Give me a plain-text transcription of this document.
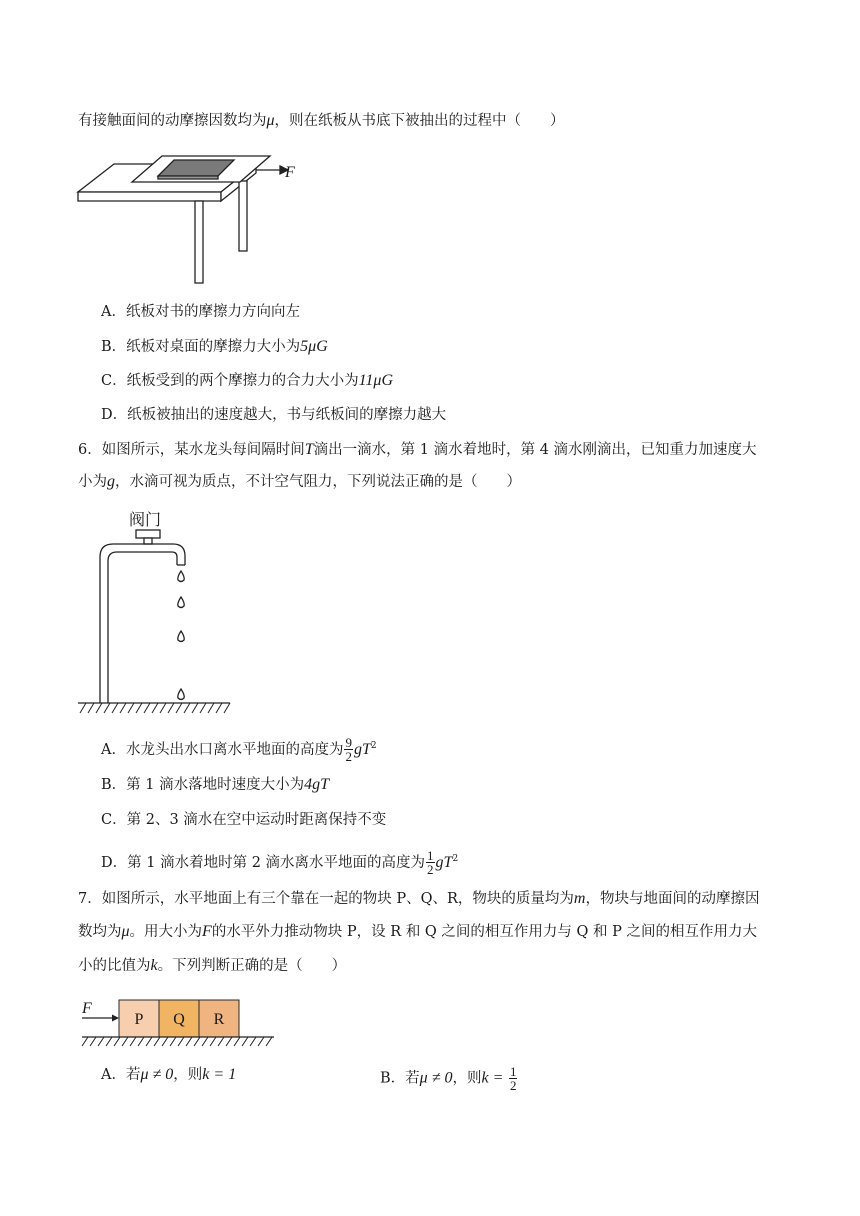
有接触面间的动摩擦因数均为μ，则在纸板从书底下被抽出的过程中（　　）
F
A．纸板对书的摩擦力方向向左
B．纸板对桌面的摩擦力大小为5μG
C．纸板受到的两个摩擦力的合力大小为11μG
D．纸板被抽出的速度越大，书与纸板间的摩擦力越大
6．如图所示，某水龙头每间隔时间T滴出一滴水，第 1 滴水着地时，第 4 滴水刚滴出，已知重力加速度大
小为g，水滴可视为质点，不计空气阻力，下列说法正确的是（　　）
阀门
A．水龙头出水口离水平地面的高度为 $\frac{9}{2} gT^2$
B．第 1 滴水落地时速度大小为4gT
C．第 2、3 滴水在空中运动时距离保持不变
D．第 1 滴水着地时第 2 滴水离水平地面的高度为 $\frac{1}{2} gT^2$
7．如图所示，水平地面上有三个靠在一起的物块 P、Q、R，物块的质量均为m，物块与地面间的动摩擦因
数均为μ。用大小为F的水平外力推动物块 P，设 R 和 Q 之间的相互作用力与 Q 和 P 之间的相互作用力大
小的比值为k。下列判断正确的是（　　）
F
P Q R
A．若μ ≠ 0，则k = 1	B．若μ ≠ 0，则$k = \frac{1}{2}$
